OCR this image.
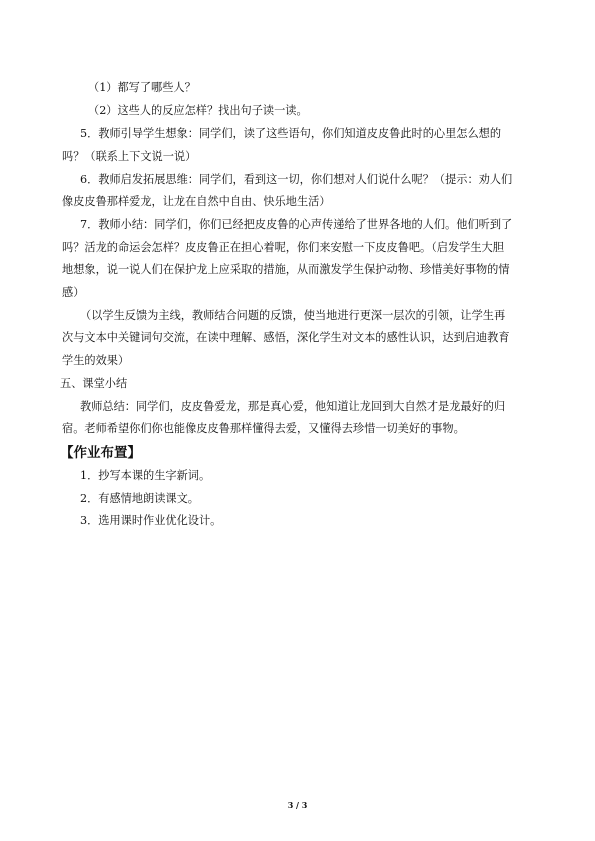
（1）都写了哪些人？
（2）这些人的反应怎样？找出句子读一读。
5．教师引导学生想象：同学们，读了这些语句，你们知道皮皮鲁此时的心里怎么想的
吗？（联系上下文说一说）
6．教师启发拓展思维：同学们，看到这一切，你们想对人们说什么呢？（提示：劝人们
像皮皮鲁那样爱龙，让龙在自然中自由、快乐地生活）
7．教师小结：同学们，你们已经把皮皮鲁的心声传递给了世界各地的人们。他们听到了
吗？活龙的命运会怎样？皮皮鲁正在担心着呢，你们来安慰一下皮皮鲁吧。（启发学生大胆
地想象，说一说人们在保护龙上应采取的措施，从而激发学生保护动物、珍惜美好事物的情
感）
（以学生反馈为主线，教师结合问题的反馈，使当地进行更深一层次的引领，让学生再
次与文本中关键词句交流，在读中理解、感悟，深化学生对文本的感性认识，达到启迪教育
学生的效果）
五、课堂小结
教师总结：同学们，皮皮鲁爱龙，那是真心爱，他知道让龙回到大自然才是龙最好的归
宿。老师希望你们你也能像皮皮鲁那样懂得去爱，又懂得去珍惜一切美好的事物。
【作业布置】
1．抄写本课的生字新词。
2．有感情地朗读课文。
3．选用课时作业优化设计。
3 / 3
